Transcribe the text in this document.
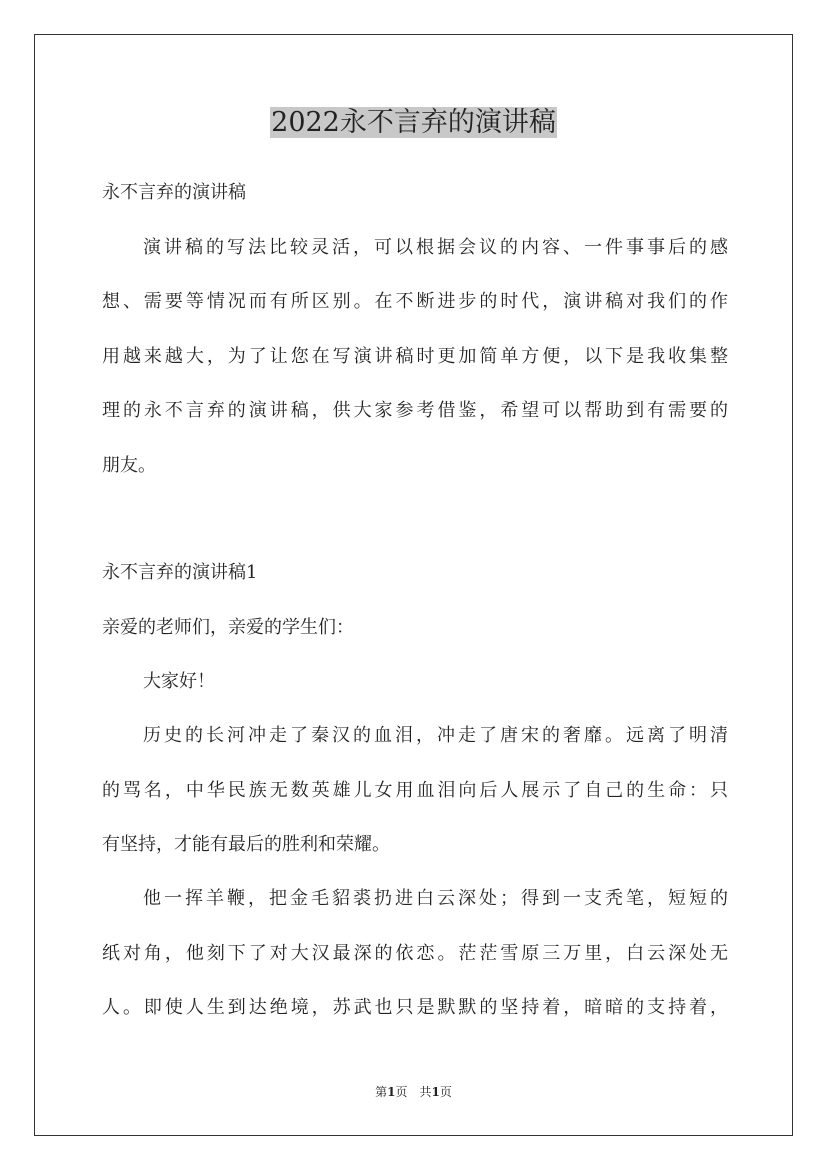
2022永不言弃的演讲稿

永不言弃的演讲稿

演讲稿的写法比较灵活，可以根据会议的内容、一件事事后的感

想、需要等情况而有所区别。在不断进步的时代，演讲稿对我们的作

用越来越大，为了让您在写演讲稿时更加简单方便，以下是我收集整

理的永不言弃的演讲稿，供大家参考借鉴，希望可以帮助到有需要的

朋友。

永不言弃的演讲稿1

亲爱的老师们，亲爱的学生们：

大家好！

历史的长河冲走了秦汉的血泪，冲走了唐宋的奢靡。远离了明清

的骂名，中华民族无数英雄儿女用血泪向后人展示了自己的生命：只

有坚持，才能有最后的胜利和荣耀。

他一挥羊鞭，把金毛貂裘扔进白云深处；得到一支秃笔，短短的

纸对角，他刻下了对大汉最深的依恋。茫茫雪原三万里，白云深处无

人。即使人生到达绝境，苏武也只是默默的坚持着，暗暗的支持着，

第1页　共1页
